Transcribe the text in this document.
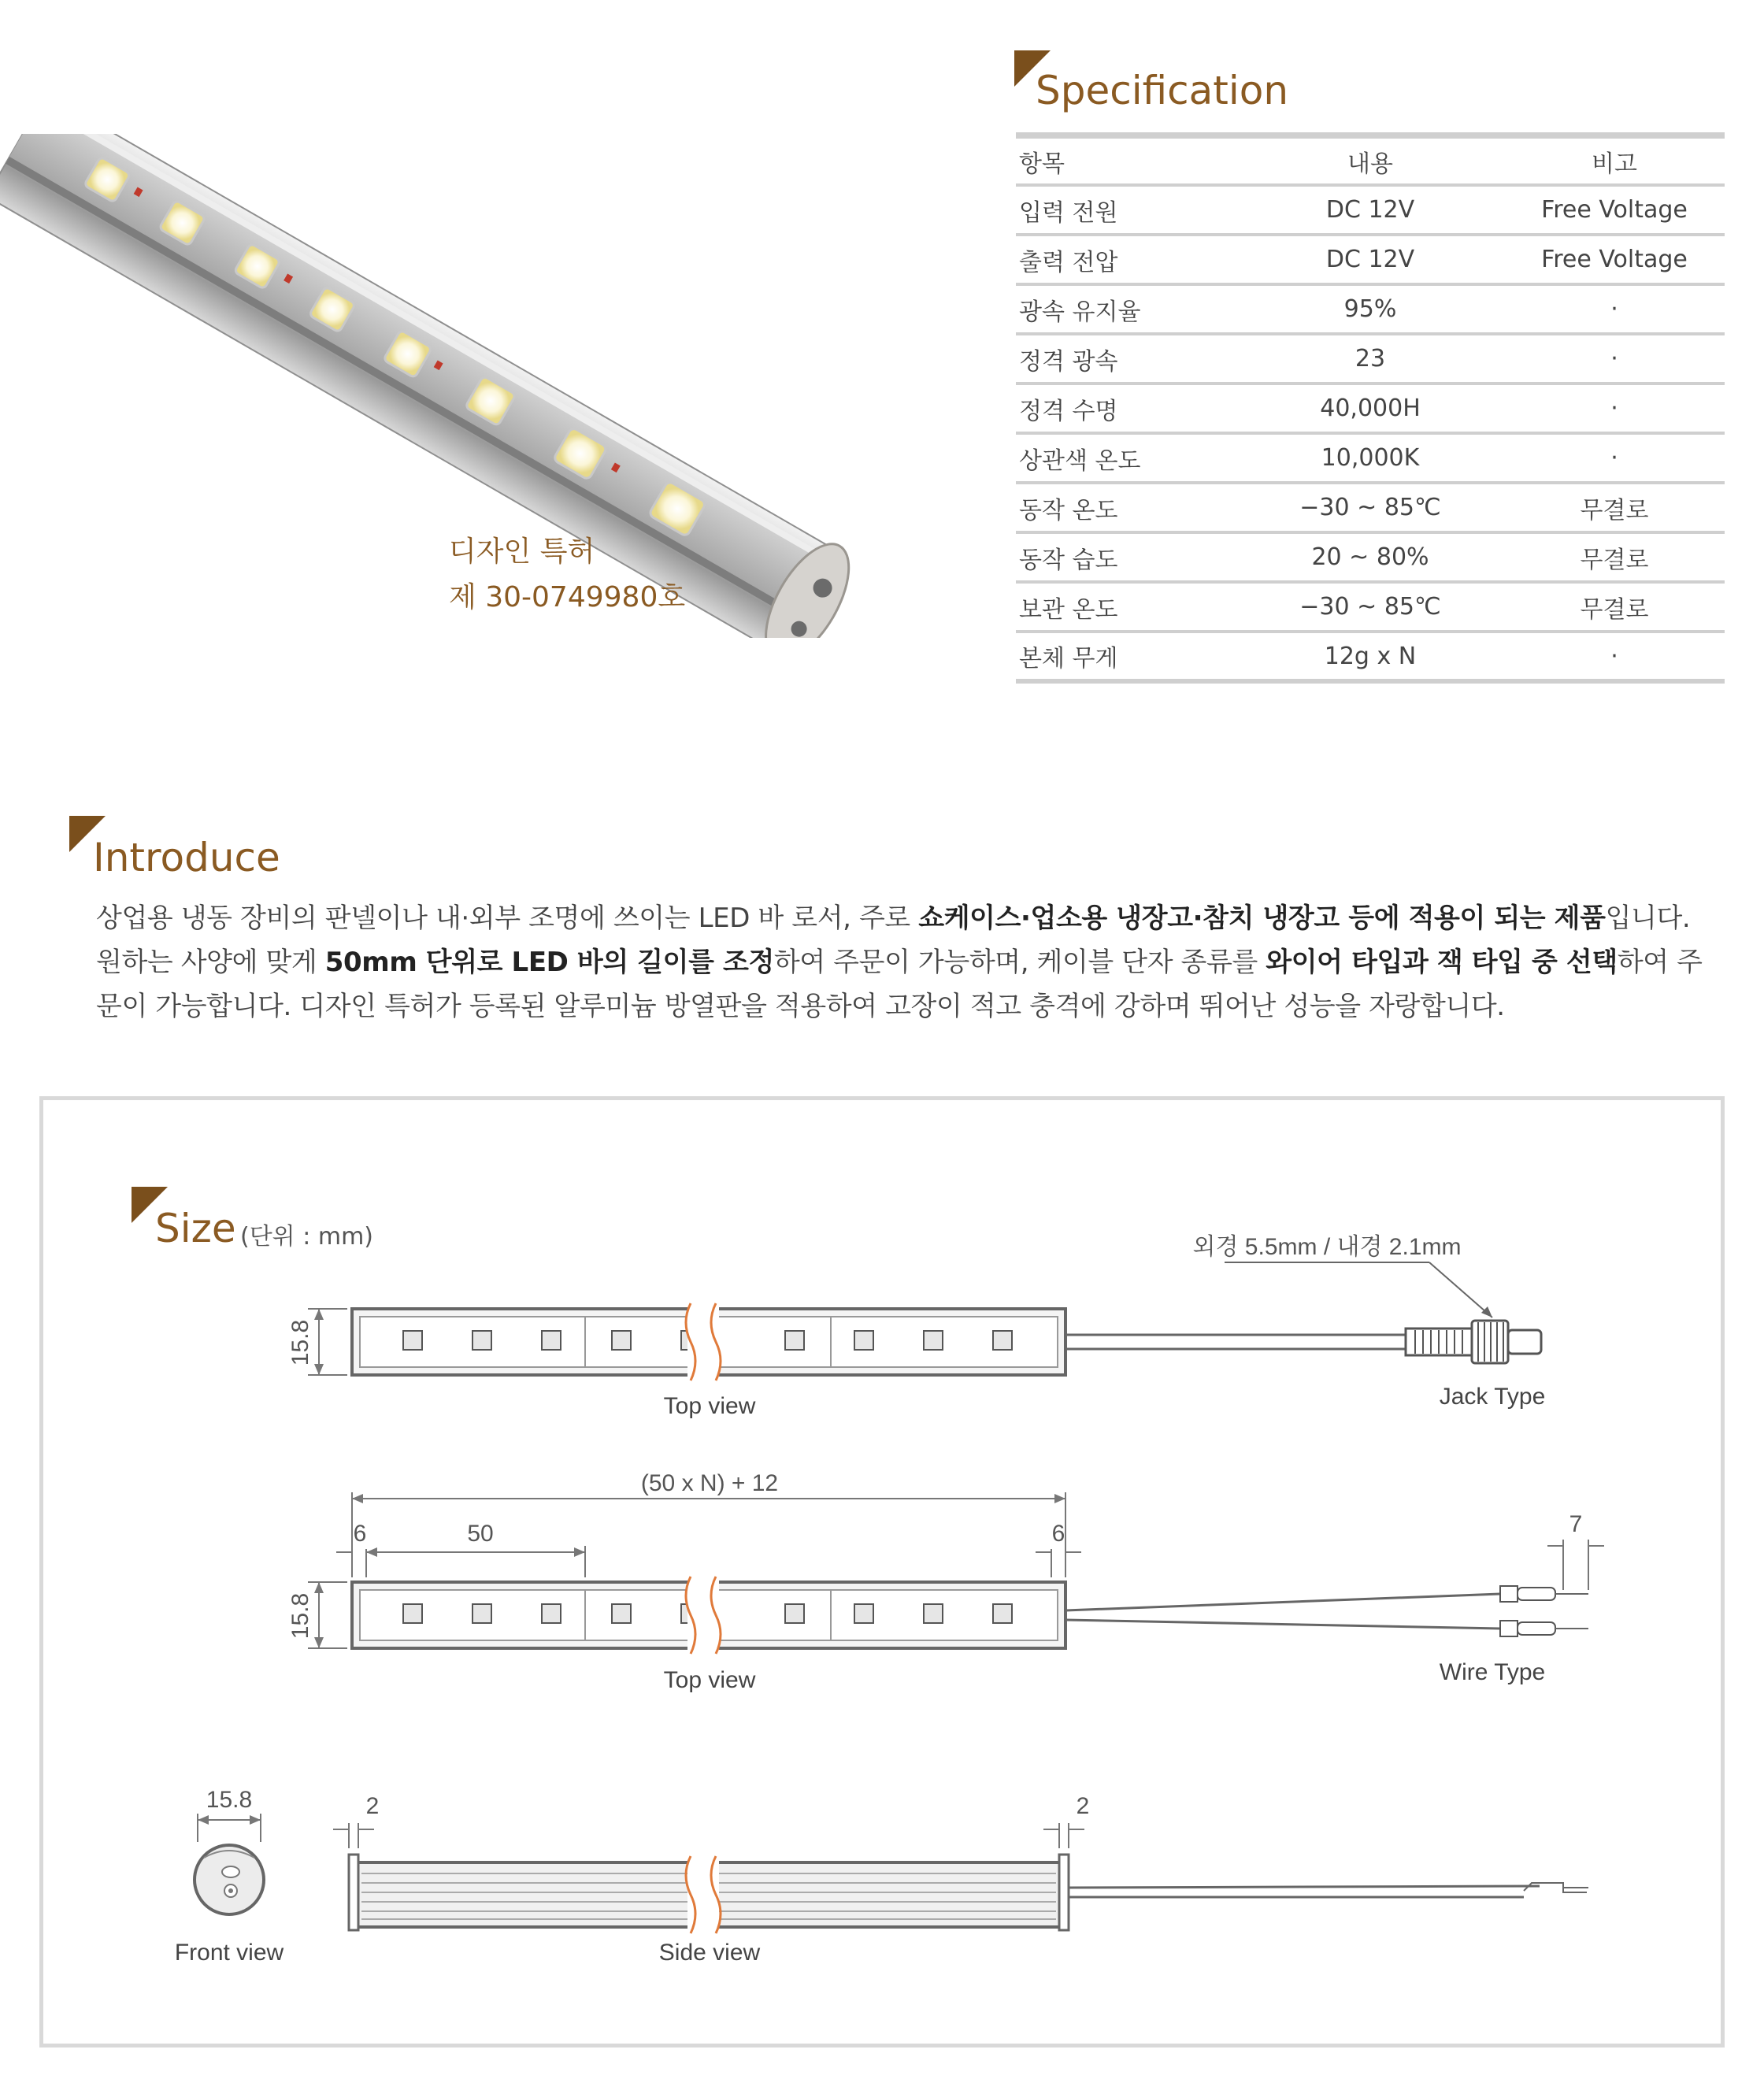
디자인 특허
제 30-0749980호
Specification
항목	내용	비고
입력 전원	DC 12V	Free Voltage
출력 전압	DC 12V	Free Voltage
광속 유지율	95%	·
정격 광속	23	·
정격 수명	40,000H	·
상관색 온도	10,000K	·
동작 온도	−30 ~ 85℃	무결로
동작 습도	20 ~ 80%	무결로
보관 온도	−30 ~ 85℃	무결로
본체 무게	12g x N	·
Introduce

상업용 냉동 장비의 판넬이나 내·외부 조명에 쓰이는 LED 바 로서, 주로 쇼케이스·업소용 냉장고·참치 냉장고 등에 적용이 되는 제품입니다. 원하는 사양에 맞게 50mm 단위로 LED 바의 길이를 조정하여 주문이 가능하며, 케이블 단자 종류를 와이어 타입과 잭 타입 중 선택하여 주문이 가능합니다. 디자인 특허가 등록된 알루미늄 방열판을 적용하여 고장이 적고 충격에 강하며 뛰어난 성능을 자랑합니다.

Size (단위 : mm)
15.8
Top view	Jack Type
외경 5.5mm / 내경 2.1mm
(50 x N) + 12
6	50	6	7
15.8
Top view	Wire Type
15.8
Front view
2	2
Side view
